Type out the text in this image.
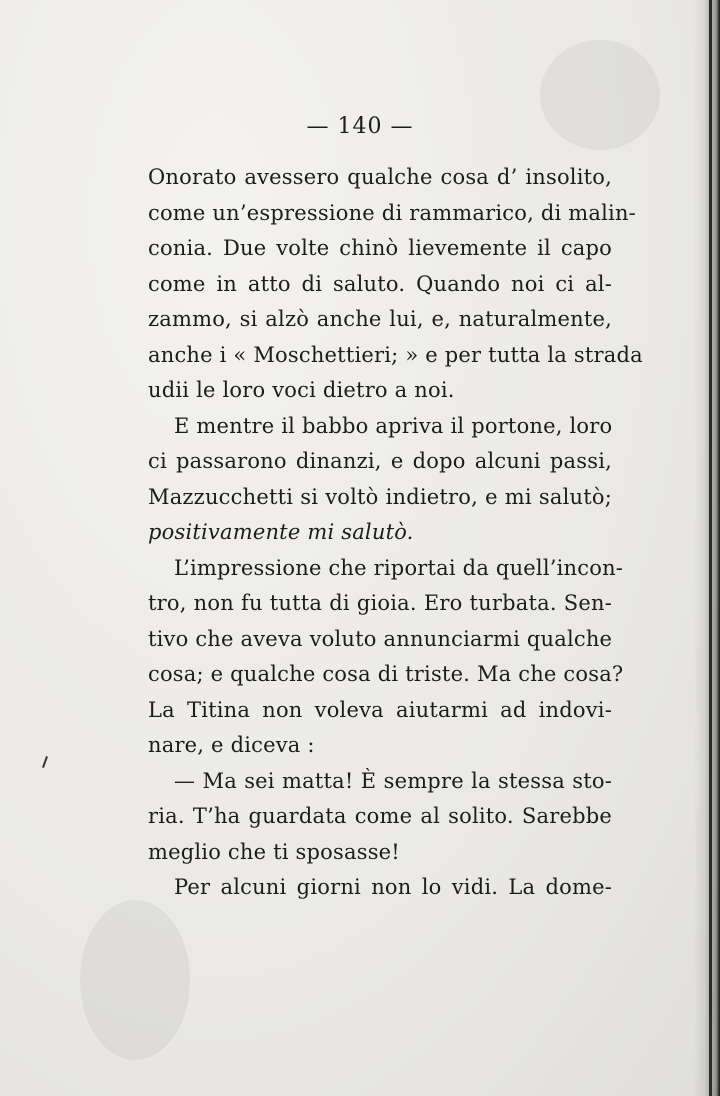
— 140 —
Onorato avessero qualche cosa d’ insolito,
come un’espressione di rammarico, di malin-
conia. Due volte chinò lievemente il capo
come in atto di saluto. Quando noi ci al-
zammo, si alzò anche lui, e, naturalmente,
anche i « Moschettieri; » e per tutta la strada
udii le loro voci dietro a noi.
E mentre il babbo apriva il portone, loro
ci passarono dinanzi, e dopo alcuni passi,
Mazzucchetti si voltò indietro, e mi salutò;
positivamente mi salutò.
L’impressione che riportai da quell’incon-
tro, non fu tutta di gioia. Ero turbata. Sen-
tivo che aveva voluto annunciarmi qualche
cosa; e qualche cosa di triste. Ma che cosa?
La Titina non voleva aiutarmi ad indovi-
nare, e diceva :
— Ma sei matta! È sempre la stessa sto-
ria. T’ha guardata come al solito. Sarebbe
meglio che ti sposasse!
Per alcuni giorni non lo vidi. La dome-
